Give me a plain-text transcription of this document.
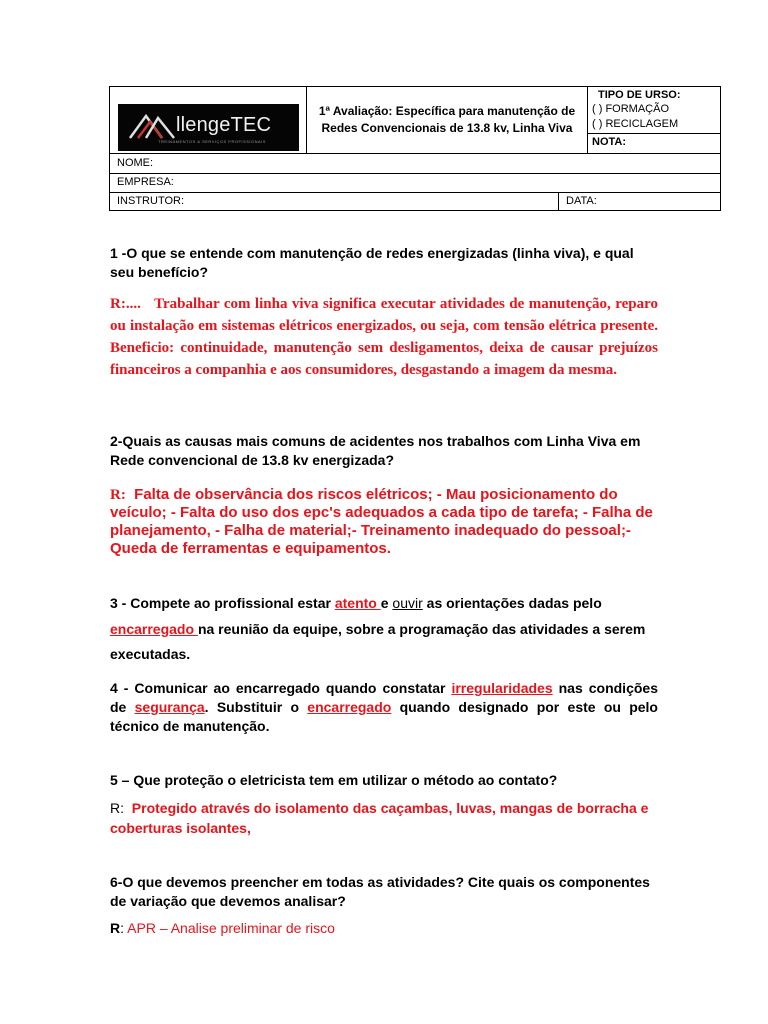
llengeTEC
TREINAMENTOS & SERVIÇOS PROFISSIONAIS
1ª Avaliação: Específica para manutenção de
Redes Convencionais de 13.8 kv, Linha Viva
TIPO DE URSO:
( ) FORMAÇÃO
( ) RECICLAGEM
NOTA:
NOME:
EMPRESA:
INSTRUTOR:	DATA:
1 -O que se entende com manutenção de redes energizadas (linha viva), e qual seu benefício?
R:.... Trabalhar com linha viva significa executar atividades de manutenção, reparo ou instalação em sistemas elétricos energizados, ou seja, com tensão elétrica presente. Beneficio: continuidade, manutenção sem desligamentos, deixa de causar prejuízos financeiros a companhia e aos consumidores, desgastando a imagem da mesma.
2-Quais as causas mais comuns de acidentes nos trabalhos com Linha Viva em Rede convencional de 13.8 kv energizada?
R: Falta de observância dos riscos elétricos; - Mau posicionamento do veículo; - Falta do uso dos epc's adequados a cada tipo de tarefa; - Falha de planejamento, - Falha de material;- Treinamento inadequado do pessoal;- Queda de ferramentas e equipamentos.
3 - Compete ao profissional estar atento e ouvir as orientações dadas pelo encarregado na reunião da equipe, sobre a programação das atividades a serem executadas.
4 - Comunicar ao encarregado quando constatar irregularidades nas condições de segurança. Substituir o encarregado quando designado por este ou pelo técnico de manutenção.
5 – Que proteção o eletricista tem em utilizar o método ao contato?
R: Protegido através do isolamento das caçambas, luvas, mangas de borracha e coberturas isolantes,
6-O que devemos preencher em todas as atividades? Cite quais os componentes de variação que devemos analisar?
R: APR – Analise preliminar de risco
